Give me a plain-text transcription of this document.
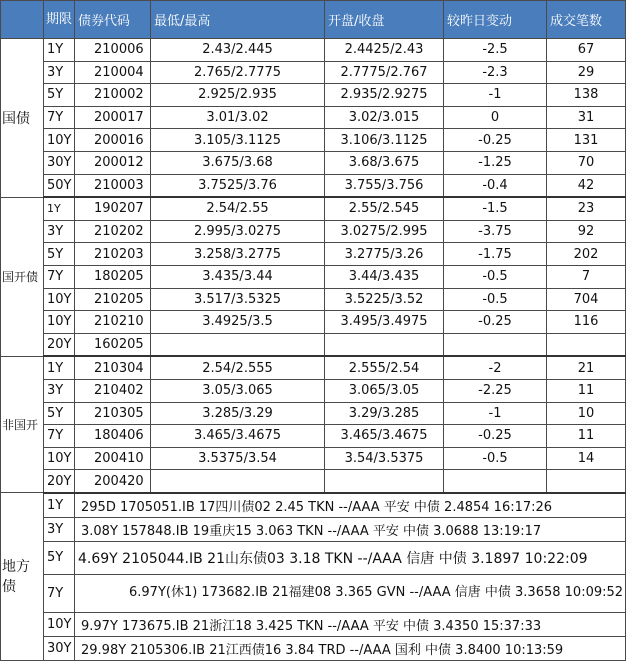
	期限	债券代码	最低/最高	开盘/收盘	较昨日变动	成交笔数
国债	1Y	210006	2.43/2.445	2.4425/2.43	-2.5	67
	3Y	210004	2.765/2.7775	2.7775/2.767	-2.3	29
	5Y	210002	2.925/2.935	2.935/2.9275	-1	138
	7Y	200017	3.01/3.02	3.02/3.015	0	31
	10Y	200016	3.105/3.1125	3.106/3.1125	-0.25	131
	30Y	200012	3.675/3.68	3.68/3.675	-1.25	70
	50Y	210003	3.7525/3.76	3.755/3.756	-0.4	42
国开债	1Y	190207	2.54/2.55	2.55/2.545	-1.5	23
	3Y	210202	2.995/3.0275	3.0275/2.995	-3.75	92
	5Y	210203	3.258/3.2775	3.2775/3.26	-1.75	202
	7Y	180205	3.435/3.44	3.44/3.435	-0.5	7
	10Y	210205	3.517/3.5325	3.5225/3.52	-0.5	704
	10Y	210210	3.4925/3.5	3.495/3.4975	-0.25	116
	20Y	160205				
非国开	1Y	210304	2.54/2.555	2.555/2.54	-2	21
	3Y	210402	3.05/3.065	3.065/3.05	-2.25	11
	5Y	210305	3.285/3.29	3.29/3.285	-1	10
	7Y	180406	3.465/3.4675	3.465/3.4675	-0.25	11
	10Y	200410	3.5375/3.54	3.54/3.5375	-0.5	14
	20Y	200420				
地方债	1Y	295D 1705051.IB 17四川债02 2.45 TKN --/AAA 平安 中债 2.4854 16:17:26				
	3Y	3.08Y 157848.IB 19重庆15 3.063 TKN --/AAA 平安 中债 3.0688 13:19:17				
	5Y	4.69Y 2105044.IB 21山东债03 3.18 TKN --/AAA 信唐 中债 3.1897 10:22:09				
	7Y	6.97Y(休1) 173682.IB 21福建08 3.365 GVN --/AAA 信唐 中债 3.3658 10:09:52				
	10Y	9.97Y 173675.IB 21浙江18 3.425 TKN --/AAA 平安 中债 3.4350 15:37:33				
	30Y	29.98Y 2105306.IB 21江西债16 3.84 TRD --/AAA 国利 中债 3.8400 10:13:59				
